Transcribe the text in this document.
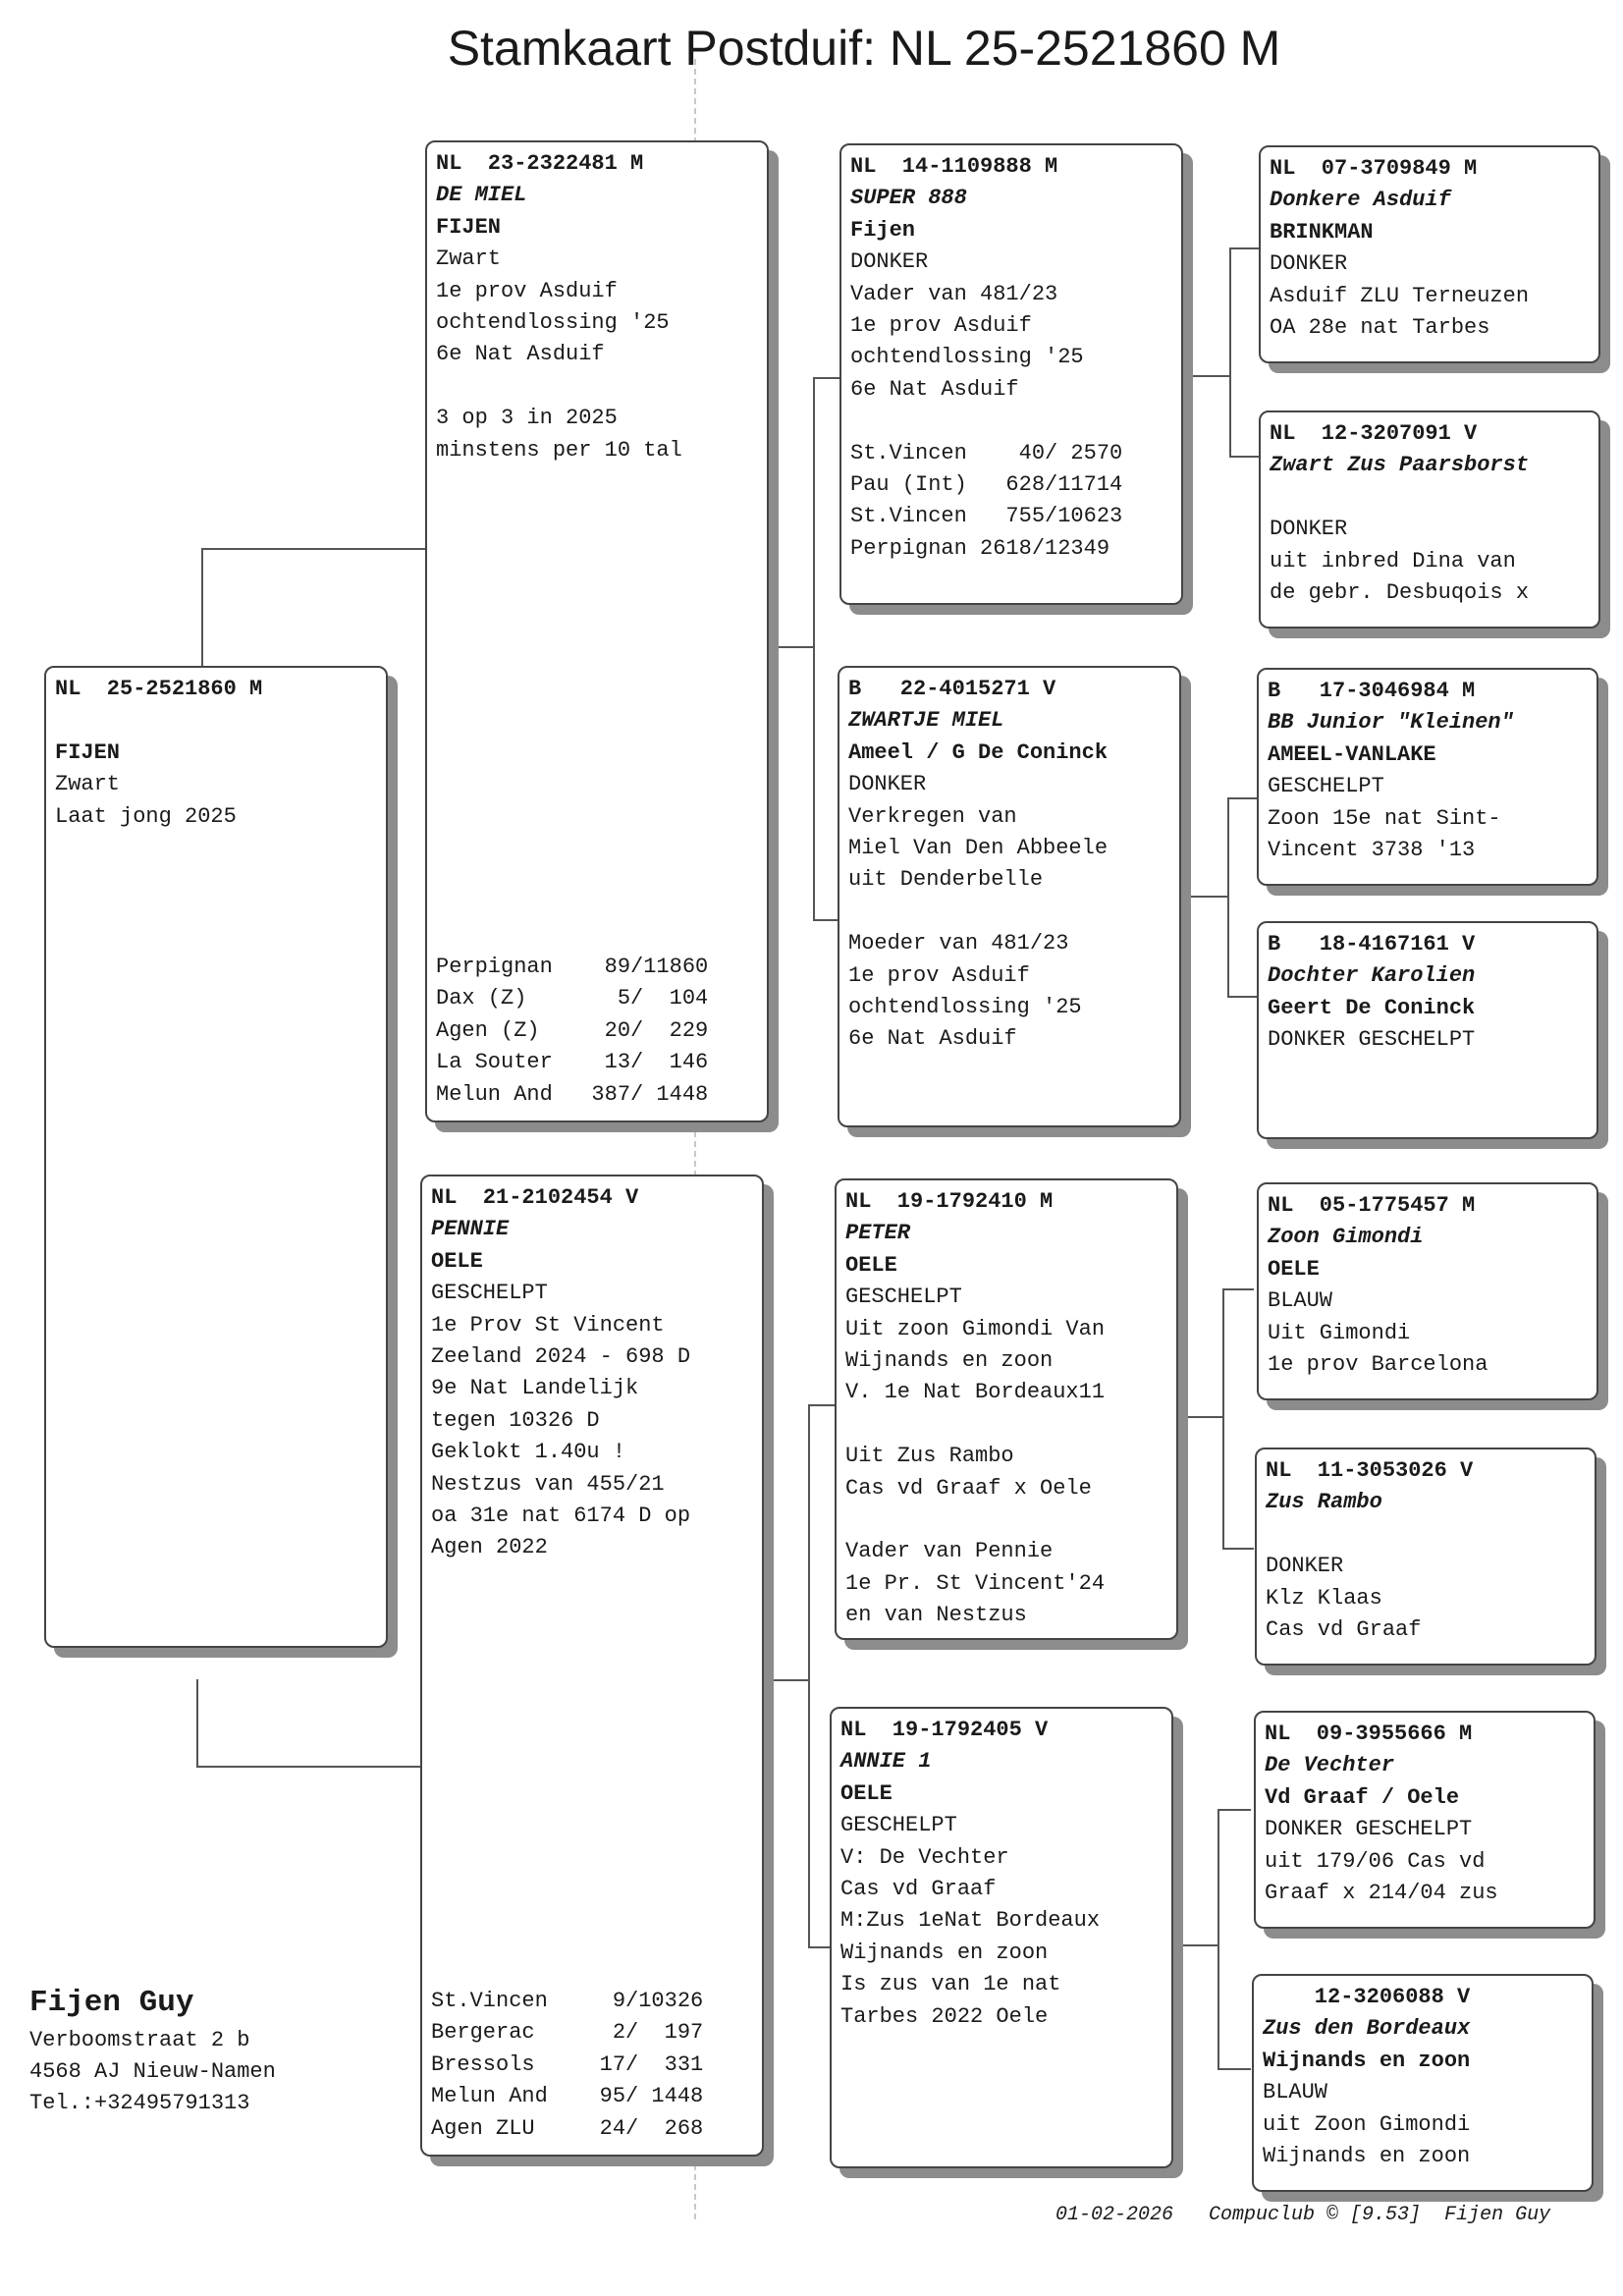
Stamkaart Postduif: NL 25-2521860 M
NL  25-2521860 M
FIJEN
Zwart
Laat jong 2025
NL  23-2322481 M
DE MIEL
FIJEN
Zwart
1e prov Asduif
ochtendlossing '25
6e Nat Asduif
3 op 3 in 2025
minstens per 10 tal
Perpignan    89/11860
Dax (Z)       5/  104
Agen (Z)     20/  229
La Souter    13/  146
Melun And   387/ 1448
NL  21-2102454 V
PENNIE
OELE
GESCHELPT
1e Prov St Vincent
Zeeland 2024 - 698 D
9e Nat Landelijk
tegen 10326 D
Geklokt 1.40u !
Nestzus van 455/21
oa 31e nat 6174 D op
Agen 2022
St.Vincen     9/10326
Bergerac      2/  197
Bressols     17/  331
Melun And    95/ 1448
Agen ZLU     24/  268
NL  14-1109888 M
SUPER 888
Fijen
DONKER
Vader van 481/23
1e prov Asduif
ochtendlossing '25
6e Nat Asduif
St.Vincen    40/ 2570
Pau (Int)   628/11714
St.Vincen   755/10623
Perpignan 2618/12349
B   22-4015271 V
ZWARTJE MIEL
Ameel / G De Coninck
DONKER
Verkregen van
Miel Van Den Abbeele
uit Denderbelle
Moeder van 481/23
1e prov Asduif
ochtendlossing '25
6e Nat Asduif
NL  19-1792410 M
PETER
OELE
GESCHELPT
Uit zoon Gimondi Van
Wijnands en zoon
V. 1e Nat Bordeaux11
Uit Zus Rambo
Cas vd Graaf x Oele
Vader van Pennie
1e Pr. St Vincent'24
en van Nestzus
NL  19-1792405 V
ANNIE 1
OELE
GESCHELPT
V: De Vechter
Cas vd Graaf
M:Zus 1eNat Bordeaux
Wijnands en zoon
Is zus van 1e nat
Tarbes 2022 Oele
NL  07-3709849 M
Donkere Asduif
BRINKMAN
DONKER
Asduif ZLU Terneuzen
OA 28e nat Tarbes
NL  12-3207091 V
Zwart Zus Paarsborst
DONKER
uit inbred Dina van
de gebr. Desbuqois x
B   17-3046984 M
BB Junior "Kleinen"
AMEEL-VANLAKE
GESCHELPT
Zoon 15e nat Sint-
Vincent 3738 '13
B   18-4167161 V
Dochter Karolien
Geert De Coninck
DONKER GESCHELPT
NL  05-1775457 M
Zoon Gimondi
OELE
BLAUW
Uit Gimondi
1e prov Barcelona
NL  11-3053026 V
Zus Rambo
DONKER
Klz Klaas
Cas vd Graaf
NL  09-3955666 M
De Vechter
Vd Graaf / Oele
DONKER GESCHELPT
uit 179/06 Cas vd
Graaf x 214/04 zus
12-3206088 V
Zus den Bordeaux
Wijnands en zoon
BLAUW
uit Zoon Gimondi
Wijnands en zoon
Fijen Guy
Verboomstraat 2 b
4568 AJ Nieuw-Namen
Tel.:+32495791313
01-02-2026   Compuclub © [9.53]  Fijen Guy
